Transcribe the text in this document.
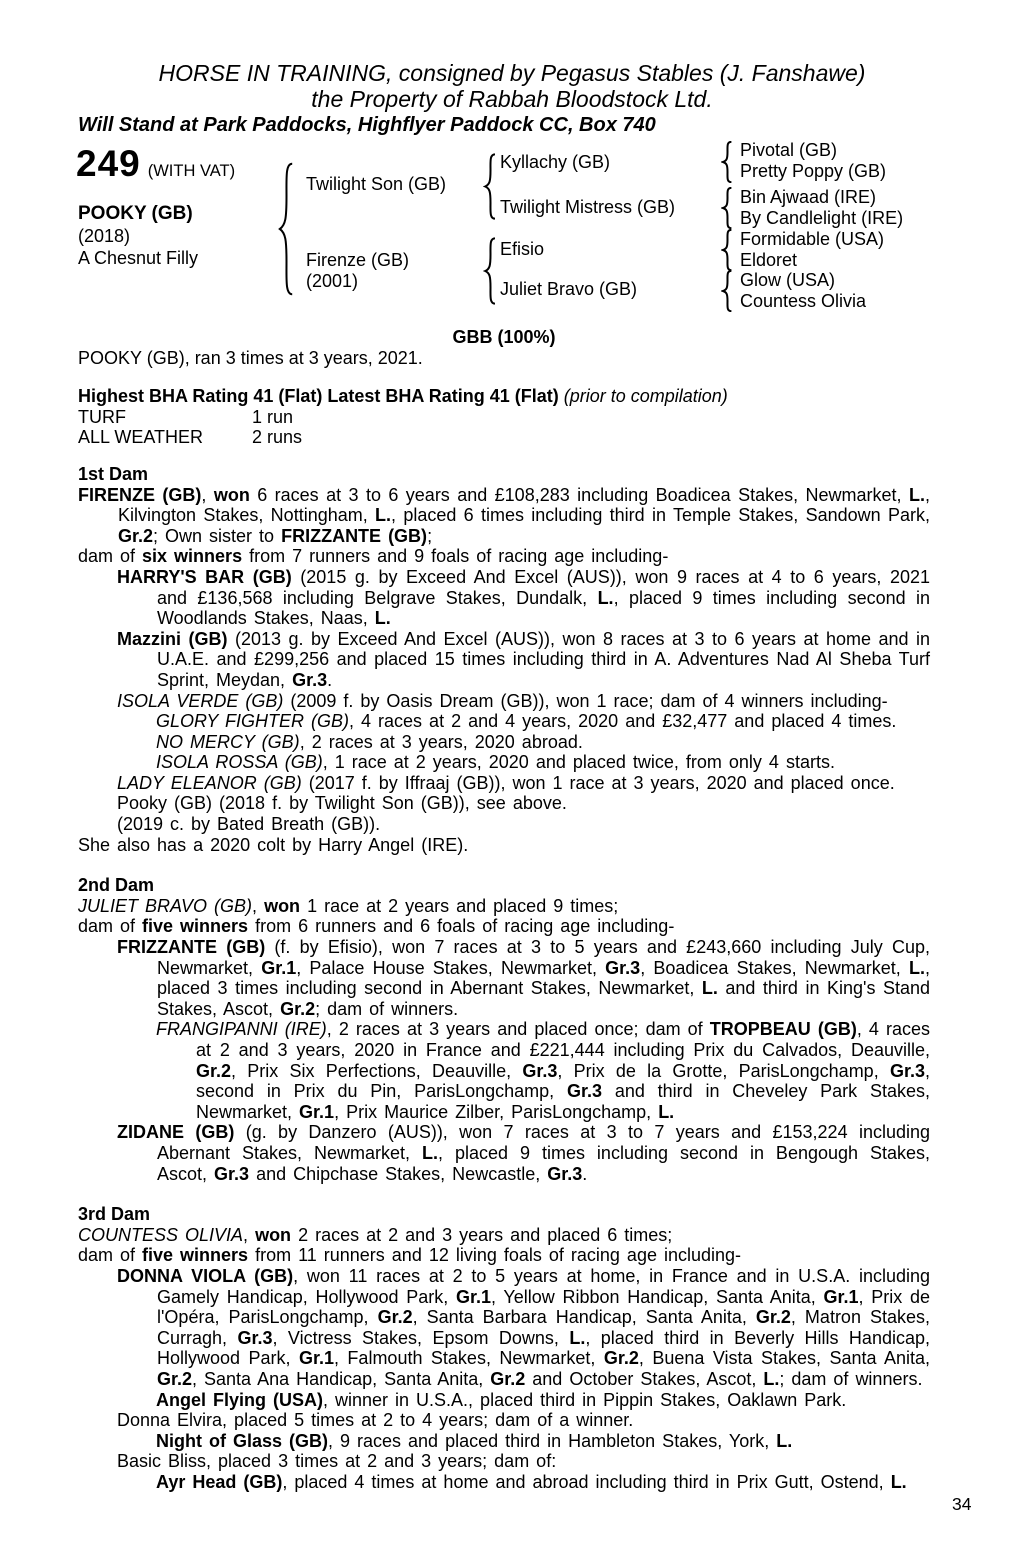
HORSE IN TRAINING, consigned by Pegasus Stables (J. Fanshawe)
the Property of Rabbah Bloodstock Ltd.
Will Stand at Park Paddocks, Highflyer Paddock CC, Box 740
249 (WITH VAT)
POOKY (GB)
(2018)
A Chesnut Filly
Twilight Son (GB)
Firenze (GB)
(2001)
Kyllachy (GB)
Twilight Mistress (GB)
Efisio
Juliet Bravo (GB)
Pivotal (GB)
Pretty Poppy (GB)
Bin Ajwaad (IRE)
By Candlelight (IRE)
Formidable (USA)
Eldoret
Glow (USA)
Countess Olivia
GBB (100%)
POOKY (GB), ran 3 times at 3 years, 2021.
Highest BHA Rating 41 (Flat) Latest BHA Rating 41 (Flat) (prior to compilation)
TURF	1 run
ALL WEATHER	2 runs
1st Dam

FIRENZE (GB), won 6 races at 3 to 6 years and £108,283 including Boadicea Stakes, Newmarket, L., Kilvington Stakes, Nottingham, L., placed 6 times including third in Temple Stakes, Sandown Park, Gr.2; Own sister to FRIZZANTE (GB);

dam of six winners from 7 runners and 9 foals of racing age including-

HARRY'S BAR (GB) (2015 g. by Exceed And Excel (AUS)), won 9 races at 4 to 6 years, 2021 and £136,568 including Belgrave Stakes, Dundalk, L., placed 9 times including second in Woodlands Stakes, Naas, L.

Mazzini (GB) (2013 g. by Exceed And Excel (AUS)), won 8 races at 3 to 6 years at home and in U.A.E. and £299,256 and placed 15 times including third in A. Adventures Nad Al Sheba Turf Sprint, Meydan, Gr.3.

ISOLA VERDE (GB) (2009 f. by Oasis Dream (GB)), won 1 race; dam of 4 winners including-

GLORY FIGHTER (GB), 4 races at 2 and 4 years, 2020 and £32,477 and placed 4 times.

NO MERCY (GB), 2 races at 3 years, 2020 abroad.

ISOLA ROSSA (GB), 1 race at 2 years, 2020 and placed twice, from only 4 starts.

LADY ELEANOR (GB) (2017 f. by Iffraaj (GB)), won 1 race at 3 years, 2020 and placed once.

Pooky (GB) (2018 f. by Twilight Son (GB)), see above.

(2019 c. by Bated Breath (GB)).

She also has a 2020 colt by Harry Angel (IRE).

2nd Dam

JULIET BRAVO (GB), won 1 race at 2 years and placed 9 times;

dam of five winners from 6 runners and 6 foals of racing age including-

FRIZZANTE (GB) (f. by Efisio), won 7 races at 3 to 5 years and £243,660 including July Cup, Newmarket, Gr.1, Palace House Stakes, Newmarket, Gr.3, Boadicea Stakes, Newmarket, L., placed 3 times including second in Abernant Stakes, Newmarket, L. and third in King's Stand Stakes, Ascot, Gr.2; dam of winners.

FRANGIPANNI (IRE), 2 races at 3 years and placed once; dam of TROPBEAU (GB), 4 races at 2 and 3 years, 2020 in France and £221,444 including Prix du Calvados, Deauville, Gr.2, Prix Six Perfections, Deauville, Gr.3, Prix de la Grotte, ParisLongchamp, Gr.3, second in Prix du Pin, ParisLongchamp, Gr.3 and third in Cheveley Park Stakes, Newmarket, Gr.1, Prix Maurice Zilber, ParisLongchamp, L.

ZIDANE (GB) (g. by Danzero (AUS)), won 7 races at 3 to 7 years and £153,224 including Abernant Stakes, Newmarket, L., placed 9 times including second in Bengough Stakes, Ascot, Gr.3 and Chipchase Stakes, Newcastle, Gr.3.

3rd Dam

COUNTESS OLIVIA, won 2 races at 2 and 3 years and placed 6 times;

dam of five winners from 11 runners and 12 living foals of racing age including-

DONNA VIOLA (GB), won 11 races at 2 to 5 years at home, in France and in U.S.A. including Gamely Handicap, Hollywood Park, Gr.1, Yellow Ribbon Handicap, Santa Anita, Gr.1, Prix de l'Opéra, ParisLongchamp, Gr.2, Santa Barbara Handicap, Santa Anita, Gr.2, Matron Stakes, Curragh, Gr.3, Victress Stakes, Epsom Downs, L., placed third in Beverly Hills Handicap, Hollywood Park, Gr.1, Falmouth Stakes, Newmarket, Gr.2, Buena Vista Stakes, Santa Anita, Gr.2, Santa Ana Handicap, Santa Anita, Gr.2 and October Stakes, Ascot, L.; dam of winners.

Angel Flying (USA), winner in U.S.A., placed third in Pippin Stakes, Oaklawn Park.

Donna Elvira, placed 5 times at 2 to 4 years; dam of a winner.

Night of Glass (GB), 9 races and placed third in Hambleton Stakes, York, L.

Basic Bliss, placed 3 times at 2 and 3 years; dam of:

Ayr Head (GB), placed 4 times at home and abroad including third in Prix Gutt, Ostend, L.

34
